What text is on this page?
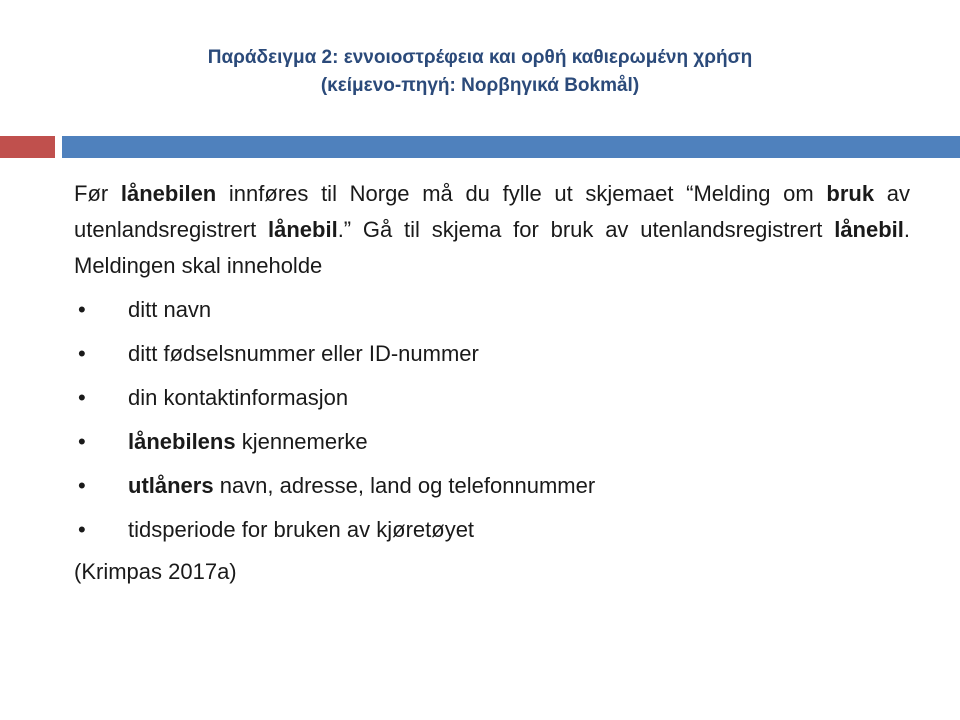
Παράδειγμα 2: εννοιοστρέφεια και ορθή καθιερωμένη χρήση
(κείμενο-πηγή: Νορβηγικά Bokmål)

Før lånebilen innføres til Norge må du fylle ut skjemaet “Melding om bruk av utenlandsregistrert lånebil.” Gå til skjema for bruk av utenlandsregistrert lånebil. Meldingen skal inneholde

•	ditt navn
•	ditt fødselsnummer eller ID-nummer
•	din kontaktinformasjon
•	lånebilens kjennemerke
•	utlåners navn, adresse, land og telefonnummer
•	tidsperiode for bruken av kjøretøyet
(Krimpas 2017a)
